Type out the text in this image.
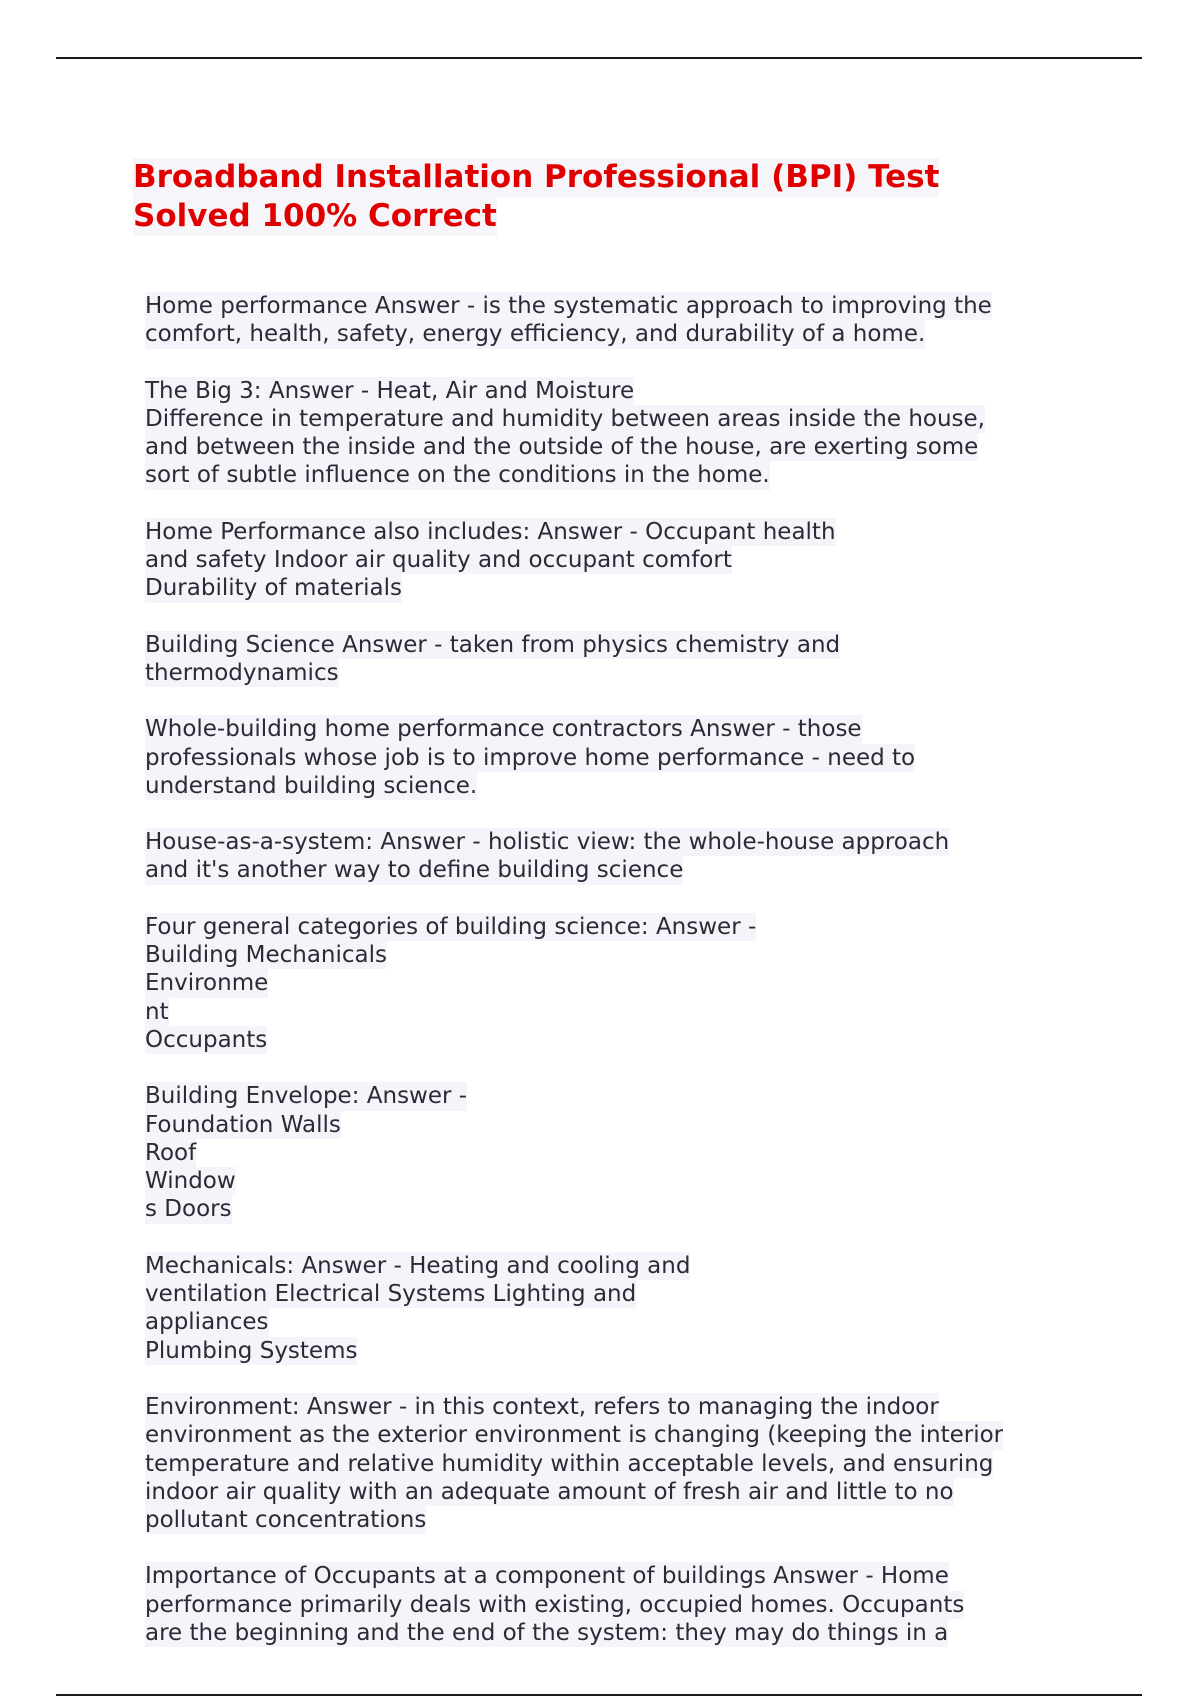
Broadband Installation Professional (BPI) Test
Solved 100% Correct

Home performance Answer - is the systematic approach to improving the
comfort, health, safety, energy efficiency, and durability of a home.

The Big 3: Answer - Heat, Air and Moisture
Difference in temperature and humidity between areas inside the house,
and between the inside and the outside of the house, are exerting some
sort of subtle influence on the conditions in the home.

Home Performance also includes: Answer - Occupant health
and safety Indoor air quality and occupant comfort
Durability of materials

Building Science Answer - taken from physics chemistry and
thermodynamics

Whole-building home performance contractors Answer - those
professionals whose job is to improve home performance - need to
understand building science.

House-as-a-system: Answer - holistic view: the whole-house approach
and it's another way to define building science

Four general categories of building science: Answer -
Building Mechanicals
Environme
nt
Occupants

Building Envelope: Answer -
Foundation Walls
Roof
Window
s Doors

Mechanicals: Answer - Heating and cooling and
ventilation Electrical Systems Lighting and
appliances
Plumbing Systems

Environment: Answer - in this context, refers to managing the indoor
environment as the exterior environment is changing (keeping the interior
temperature and relative humidity within acceptable levels, and ensuring
indoor air quality with an adequate amount of fresh air and little to no
pollutant concentrations

Importance of Occupants at a component of buildings Answer - Home
performance primarily deals with existing, occupied homes. Occupants
are the beginning and the end of the system: they may do things in a
